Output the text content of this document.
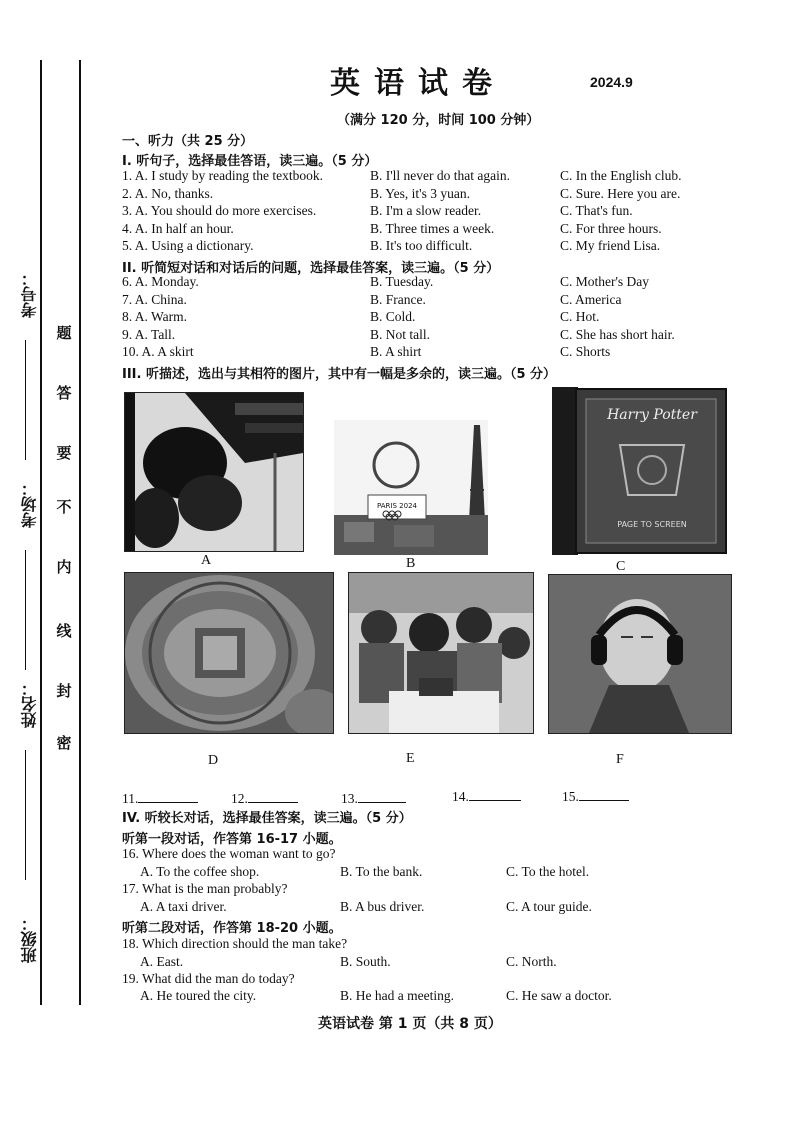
考号：
考场：
姓名：
班级：
题
答
要
不
内
线
封
密
英语试卷	2024.9
（满分 120 分，时间 100 分钟）
一、听力（共 25 分）
I. 听句子，选择最佳答语，读三遍。（5 分）
1. A. I study by reading the textbook.	B. I'll never do that again.	C. In the English club.
2. A. No, thanks.	B. Yes, it's 3 yuan.	C. Sure. Here you are.
3. A. You should do more exercises.	B. I'm a slow reader.	C. That's fun.
4. A. In half an hour.	B. Three times a week.	C. For three hours.
5. A. Using a dictionary.	B. It's too difficult.	C. My friend Lisa.
II. 听简短对话和对话后的问题，选择最佳答案，读三遍。（5 分）
6. A. Monday.	B. Tuesday.	C. Mother's Day
7. A. China.	B. France.	C. America
8. A. Warm.	B. Cold.	C. Hot.
9. A. Tall.	B. Not tall.	C. She has short hair.
10. A. A skirt	B. A shirt	C. Shorts
III. 听描述，选出与其相符的图片，其中有一幅是多余的，读三遍。（5 分）
A
PARIS 2024
B
Harry Potter
PAGE TO SCREEN
C
D	E	F
11.	12.	13.	14.	15.
IV. 听较长对话，选择最佳答案，读三遍。（5 分）
听第一段对话，作答第 16-17 小题。
16. Where does the woman want to go?
A. To the coffee shop.	B. To the bank.	C. To the hotel.
17. What is the man probably?
A. A taxi driver.	B. A bus driver.	C. A tour guide.
听第二段对话，作答第 18-20 小题。
18. Which direction should the man take?
A. East.	B. South.	C. North.
19. What did the man do today?
A. He toured the city.	B. He had a meeting.	C. He saw a doctor.
英语试卷 第 1 页（共 8 页）
